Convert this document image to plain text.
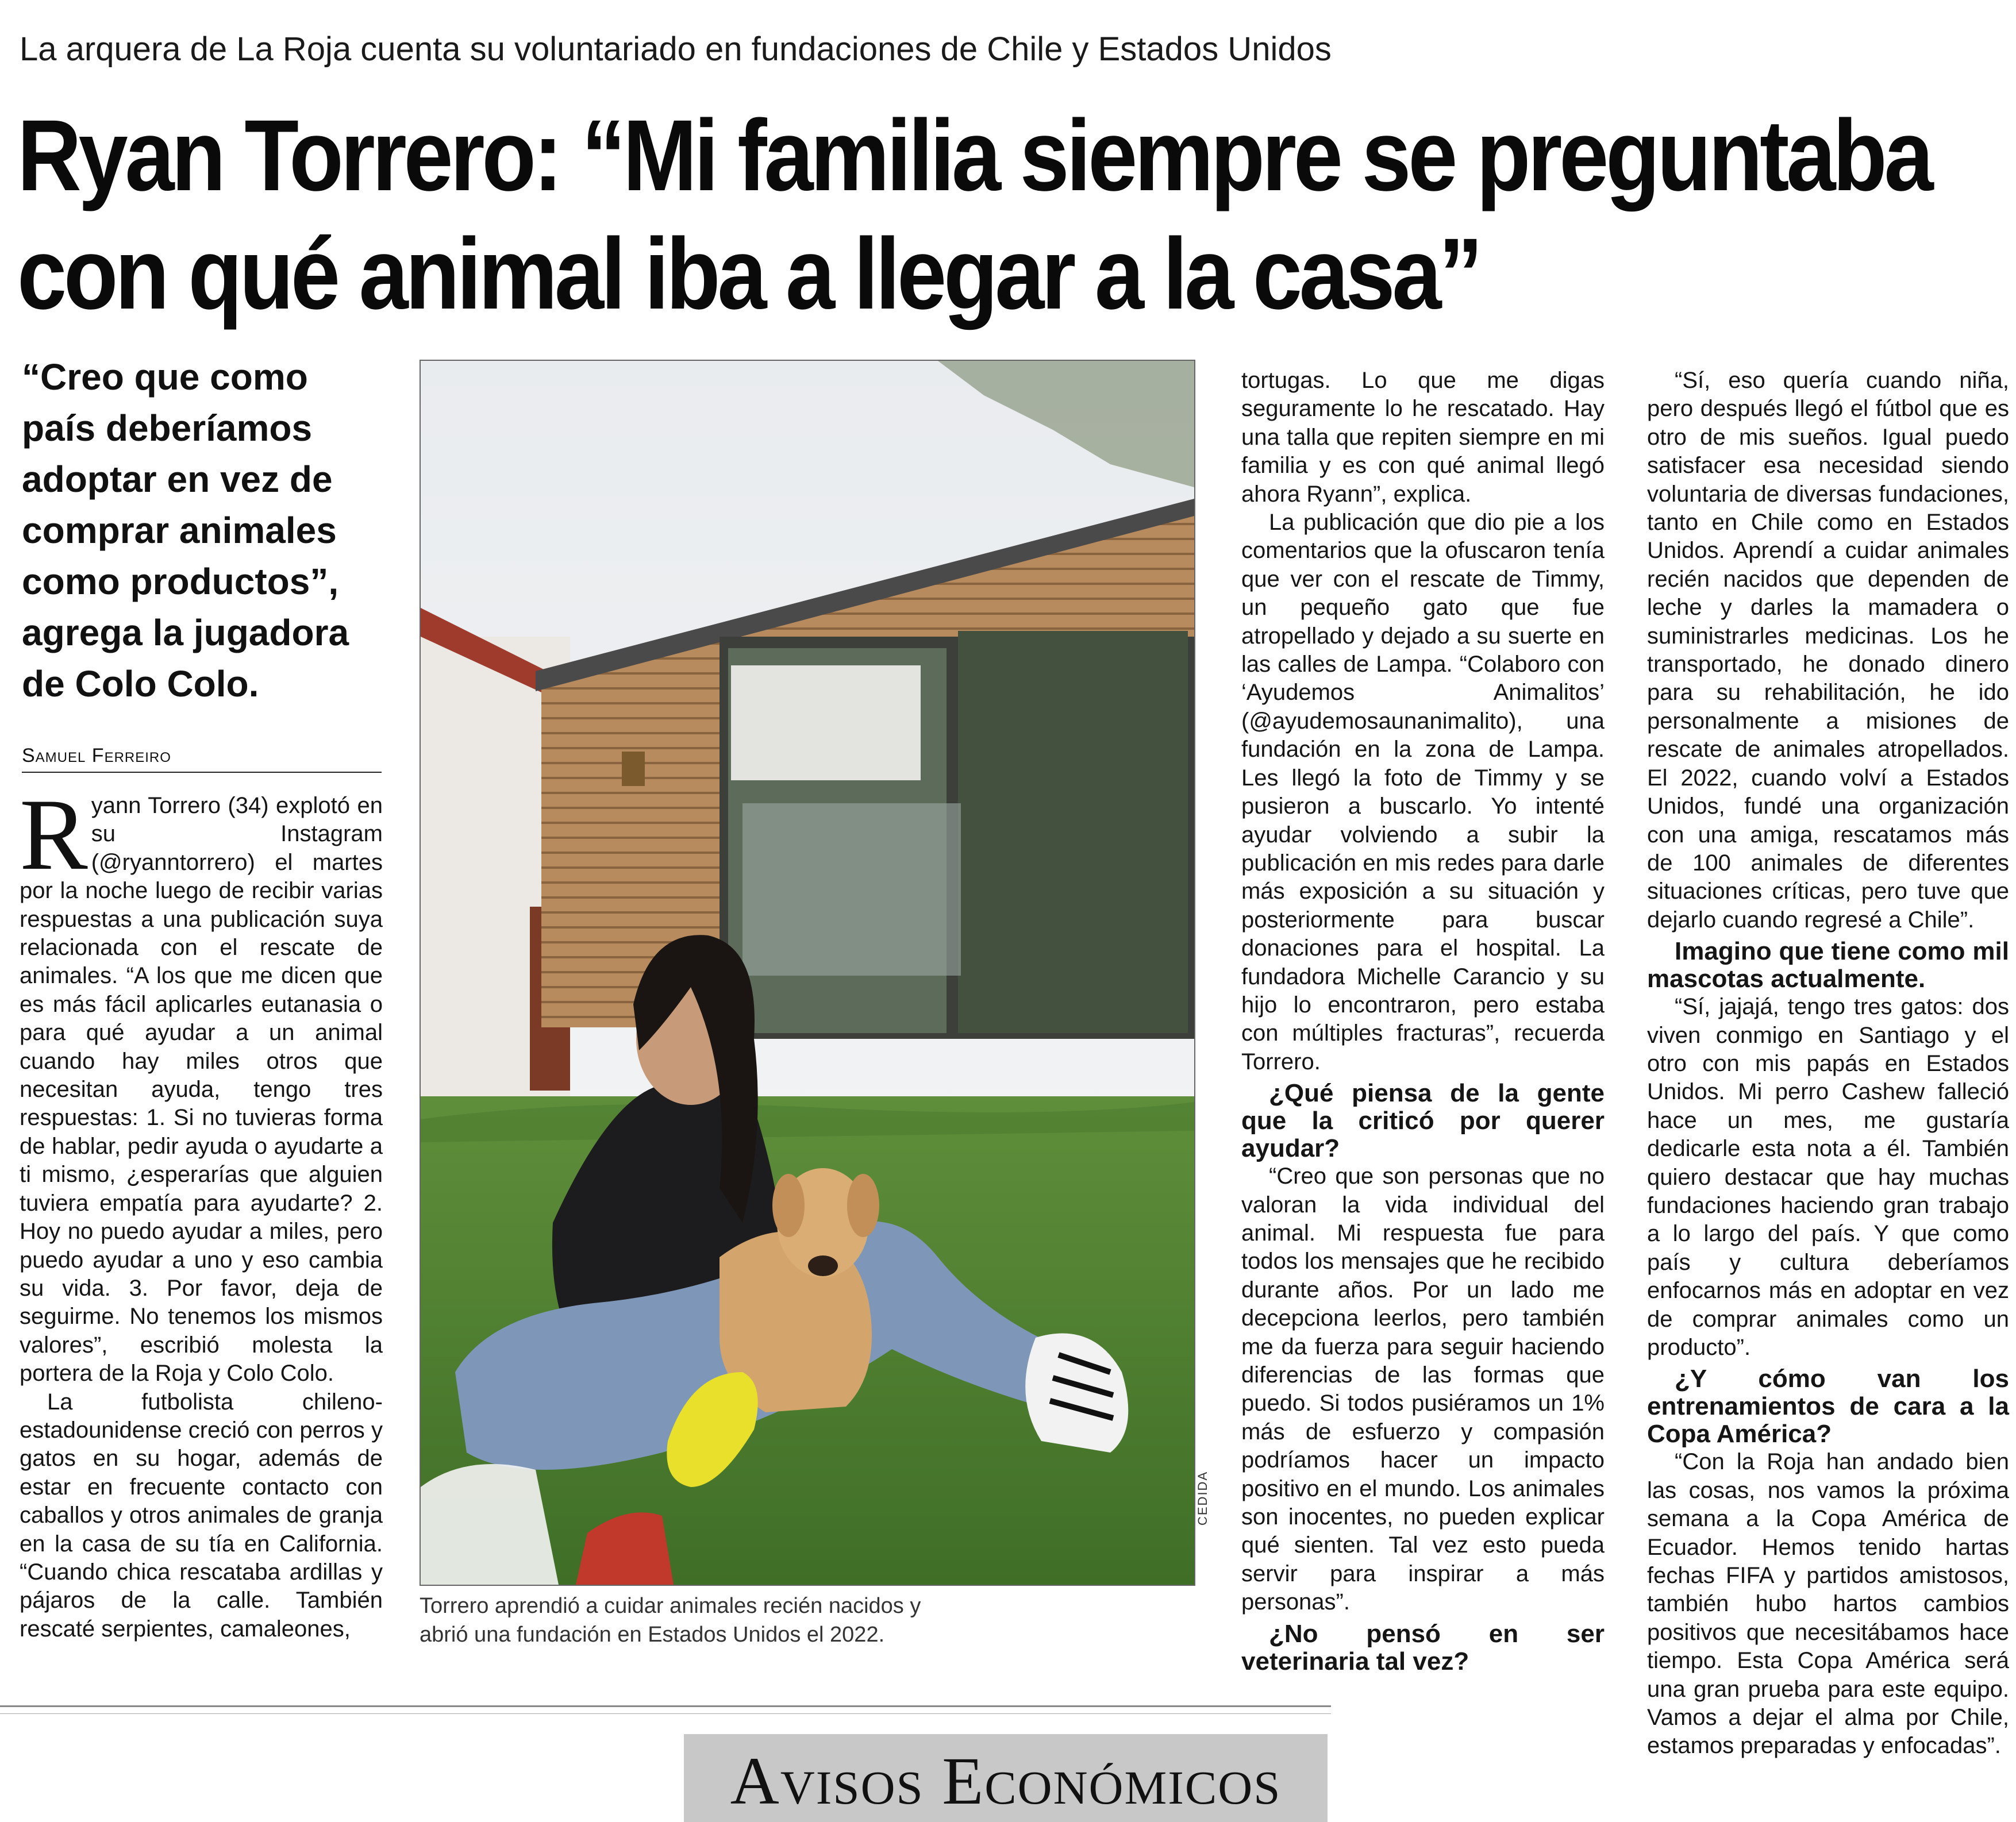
La arquera de La Roja cuenta su voluntariado en fundaciones de Chile y Estados Unidos
Ryan Torrero: “Mi familia siempre se preguntaba
con qué animal iba a llegar a la casa”
“Creo que como
país deberíamos
adoptar en vez de
comprar animales
como productos”,
agrega la jugadora
de Colo Colo.
Samuel Ferreiro
R yann Torrero (34) explotó en su Instagram (@ryanntorrero) el martes por la noche luego de recibir varias respuestas a una publicación suya relacionada con el rescate de animales. “A los que me dicen que es más fácil aplicarles eutanasia o para qué ayudar a un animal cuando hay miles otros que necesitan ayuda, tengo tres respuestas: 1. Si no tuvieras forma de hablar, pedir ayuda o ayudarte a ti mismo, ¿esperarías que alguien tuviera empatía para ayudarte? 2. Hoy no puedo ayudar a miles, pero puedo ayudar a uno y eso cambia su vida. 3. Por favor, deja de seguirme. No tenemos los mismos valores”, escribió molesta la portera de la Roja y Colo Colo.

La futbolista chileno-estadounidense creció con perros y gatos en su hogar, además de estar en frecuente contacto con caballos y otros animales de granja en la casa de su tía en California. “Cuando chica rescataba ardillas y pájaros de la calle. También rescaté serpientes, camaleones,

CEDIDA
Torrero aprendió a cuidar animales recién nacidos y
abrió una fundación en Estados Unidos el 2022.

tortugas. Lo que me digas seguramente lo he rescatado. Hay una talla que repiten siempre en mi familia y es con qué animal llegó ahora Ryann”, explica.

La publicación que dio pie a los comentarios que la ofuscaron tenía que ver con el rescate de Timmy, un pequeño gato que fue atropellado y dejado a su suerte en las calles de Lampa. “Colaboro con ‘Ayudemos Animalitos’ (@ayudemosaunanimalito), una fundación en la zona de Lampa. Les llegó la foto de Timmy y se pusieron a buscarlo. Yo intenté ayudar volviendo a subir la publicación en mis redes para darle más exposición a su situación y posteriormente para buscar donaciones para el hospital. La fundadora Michelle Carancio y su hijo lo encontraron, pero estaba con múltiples fracturas”, recuerda Torrero.

¿Qué piensa de la gente que la criticó por querer ayudar?

“Creo que son personas que no valoran la vida individual del animal. Mi respuesta fue para todos los mensajes que he recibido durante años. Por un lado me decepciona leerlos, pero también me da fuerza para seguir haciendo diferencias de las formas que puedo. Si todos pusiéramos un 1% más de esfuerzo y compasión podríamos hacer un impacto positivo en el mundo. Los animales son inocentes, no pueden explicar qué sienten. Tal vez esto pueda servir para inspirar a más personas”.

¿No pensó en ser veterinaria tal vez?

“Sí, eso quería cuando niña, pero después llegó el fútbol que es otro de mis sueños. Igual puedo satisfacer esa necesidad siendo voluntaria de diversas fundaciones, tanto en Chile como en Estados Unidos. Aprendí a cuidar animales recién nacidos que dependen de leche y darles la mamadera o suministrarles medicinas. Los he transportado, he donado dinero para su rehabilitación, he ido personalmente a misiones de rescate de animales atropellados. El 2022, cuando volví a Estados Unidos, fundé una organización con una amiga, rescatamos más de 100 animales de diferentes situaciones críticas, pero tuve que dejarlo cuando regresé a Chile”.

Imagino que tiene como mil mascotas actualmente.

“Sí, jajajá, tengo tres gatos: dos viven conmigo en Santiago y el otro con mis papás en Estados Unidos. Mi perro Cashew falleció hace un mes, me gustaría dedicarle esta nota a él. También quiero destacar que hay muchas fundaciones haciendo gran trabajo a lo largo del país. Y que como país y cultura deberíamos enfocarnos más en adoptar en vez de comprar animales como un producto”.

¿Y cómo van los entrenamientos de cara a la Copa América?

“Con la Roja han andado bien las cosas, nos vamos la próxima semana a la Copa América de Ecuador. Hemos tenido hartas fechas FIFA y partidos amistosos, también hubo hartos cambios positivos que necesitábamos hace tiempo. Esta Copa América será una gran prueba para este equipo. Vamos a dejar el alma por Chile, estamos preparadas y enfocadas”.

Avisos Económicos
